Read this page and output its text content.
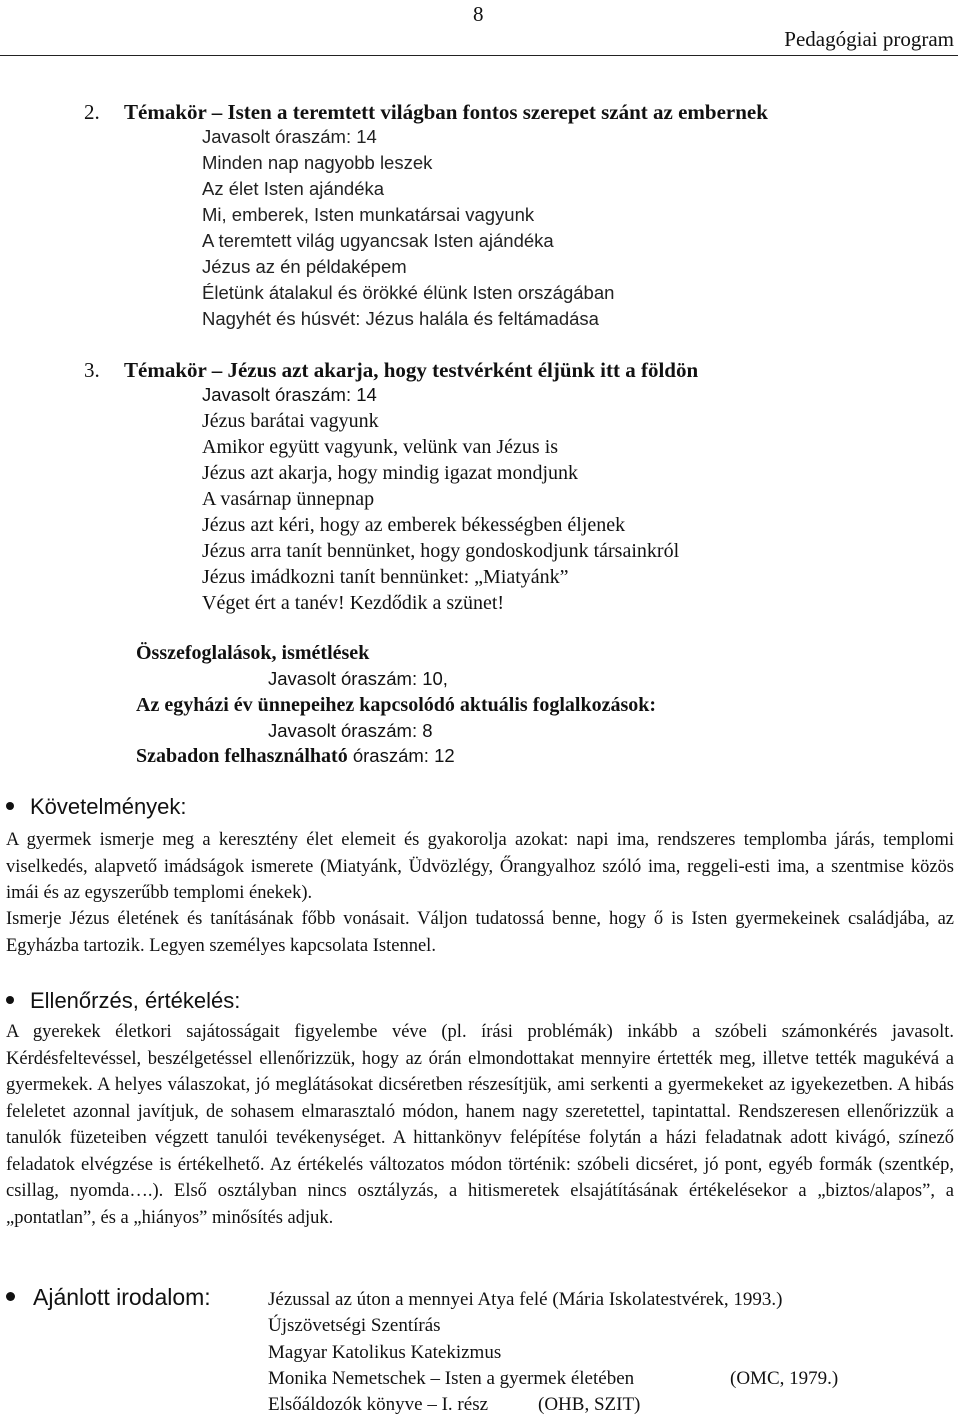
8
Pedagógiai program
2. Témakör – Isten a teremtett világban fontos szerepet szánt az embernek
Javasolt óraszám: 14
Minden nap nagyobb leszek
Az élet Isten ajándéka
Mi, emberek, Isten munkatársai vagyunk
A teremtett világ ugyancsak Isten ajándéka
Jézus az én példaképem
Életünk átalakul és örökké élünk Isten országában
Nagyhét és húsvét: Jézus halála és feltámadása
3. Témakör – Jézus azt akarja, hogy testvérként éljünk itt a földön
Javasolt óraszám: 14
Jézus barátai vagyunk
Amikor együtt vagyunk, velünk van Jézus is
Jézus azt akarja, hogy mindig igazat mondjunk
A vasárnap ünnepnap
Jézus azt kéri, hogy az emberek békességben éljenek
Jézus arra tanít bennünket, hogy gondoskodjunk társainkról
Jézus imádkozni tanít bennünket: „Miatyánk”
Véget ért a tanév! Kezdődik a szünet!
Összefoglalások, ismétlések
Javasolt óraszám: 10,
Az egyházi év ünnepeihez kapcsolódó aktuális foglalkozások:
Javasolt óraszám: 8
Szabadon felhasználható óraszám: 12
Követelmények:
A gyermek ismerje meg a keresztény élet elemeit és gyakorolja azokat: napi ima, rendszeres templomba járás, templomi viselkedés, alapvető imádságok ismerete (Miatyánk, Üdvözlégy, Őrangyalhoz szóló ima, reggeli-esti ima, a szentmise közös imái és az egyszerűbb templomi énekek).
Ismerje Jézus életének és tanításának főbb vonásait. Váljon tudatossá benne, hogy ő is Isten gyermekeinek családjába, az Egyházba tartozik. Legyen személyes kapcsolata Istennel.
Ellenőrzés, értékelés:
A gyerekek életkori sajátosságait figyelembe véve (pl. írási problémák) inkább a szóbeli számonkérés javasolt. Kérdésfeltevéssel, beszélgetéssel ellenőrizzük, hogy az órán elmondottakat mennyire értették meg, illetve tették magukévá a gyermekek. A helyes válaszokat, jó meglátásokat dicséretben részesítjük, ami serkenti a gyermekeket az igyekezetben. A hibás feleletet azonnal javítjuk, de sohasem elmarasztaló módon, hanem nagy szeretettel, tapintattal. Rendszeresen ellenőrizzük a tanulók füzeteiben végzett tanulói tevékenységet. A hittankönyv felépítése folytán a házi feladatnak adott kivágó, színező feladatok elvégzése is értékelhető. Az értékelés változatos módon történik: szóbeli dicséret, jó pont, egyéb formák (szentkép, csillag, nyomda….). Első osztályban nincs osztályzás, a hitismeretek elsajátításának értékelésekor a „biztos/alapos”, a „pontatlan”, és a „hiányos” minősítés adjuk.
Ajánlott irodalom:	Jézussal az úton a mennyei Atya felé (Mária Iskolatestvérek, 1993.)
Újszövetségi Szentírás
Magyar Katolikus Katekizmus
Monika Nemetschek – Isten a gyermek életében	(OMC, 1979.)
Elsőáldozók könyve – I. rész	(OHB, SZIT)
